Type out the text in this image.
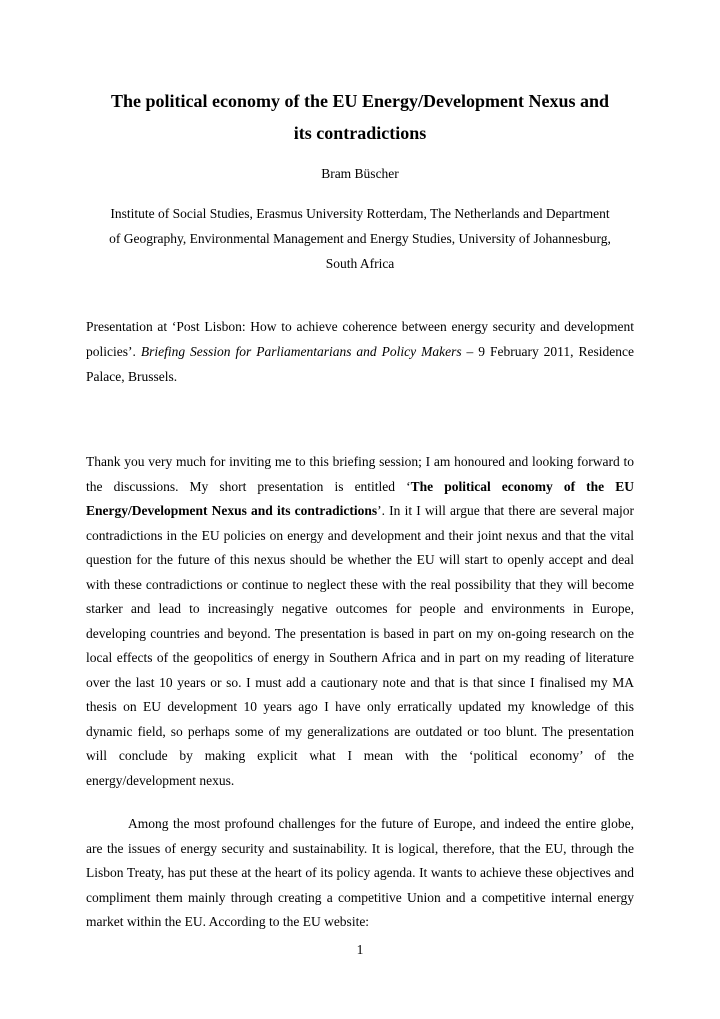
The political economy of the EU Energy/Development Nexus and
its contradictions

Bram Büscher

Institute of Social Studies, Erasmus University Rotterdam, The Netherlands and Department
of Geography, Environmental Management and Energy Studies, University of Johannesburg,
South Africa

Presentation at ‘Post Lisbon: How to achieve coherence between energy security and development policies’. Briefing Session for Parliamentarians and Policy Makers – 9 February 2011, Residence Palace, Brussels.

Thank you very much for inviting me to this briefing session; I am honoured and looking forward to the discussions. My short presentation is entitled ‘The political economy of the EU Energy/Development Nexus and its contradictions’. In it I will argue that there are several major contradictions in the EU policies on energy and development and their joint nexus and that the vital question for the future of this nexus should be whether the EU will start to openly accept and deal with these contradictions or continue to neglect these with the real possibility that they will become starker and lead to increasingly negative outcomes for people and environments in Europe, developing countries and beyond. The presentation is based in part on my on-going research on the local effects of the geopolitics of energy in Southern Africa and in part on my reading of literature over the last 10 years or so. I must add a cautionary note and that is that since I finalised my MA thesis on EU development 10 years ago I have only erratically updated my knowledge of this dynamic field, so perhaps some of my generalizations are outdated or too blunt. The presentation will conclude by making explicit what I mean with the ‘political economy’ of the energy/development nexus.

Among the most profound challenges for the future of Europe, and indeed the entire globe, are the issues of energy security and sustainability. It is logical, therefore, that the EU, through the Lisbon Treaty, has put these at the heart of its policy agenda. It wants to achieve these objectives and compliment them mainly through creating a competitive Union and a competitive internal energy market within the EU. According to the EU website:

1
